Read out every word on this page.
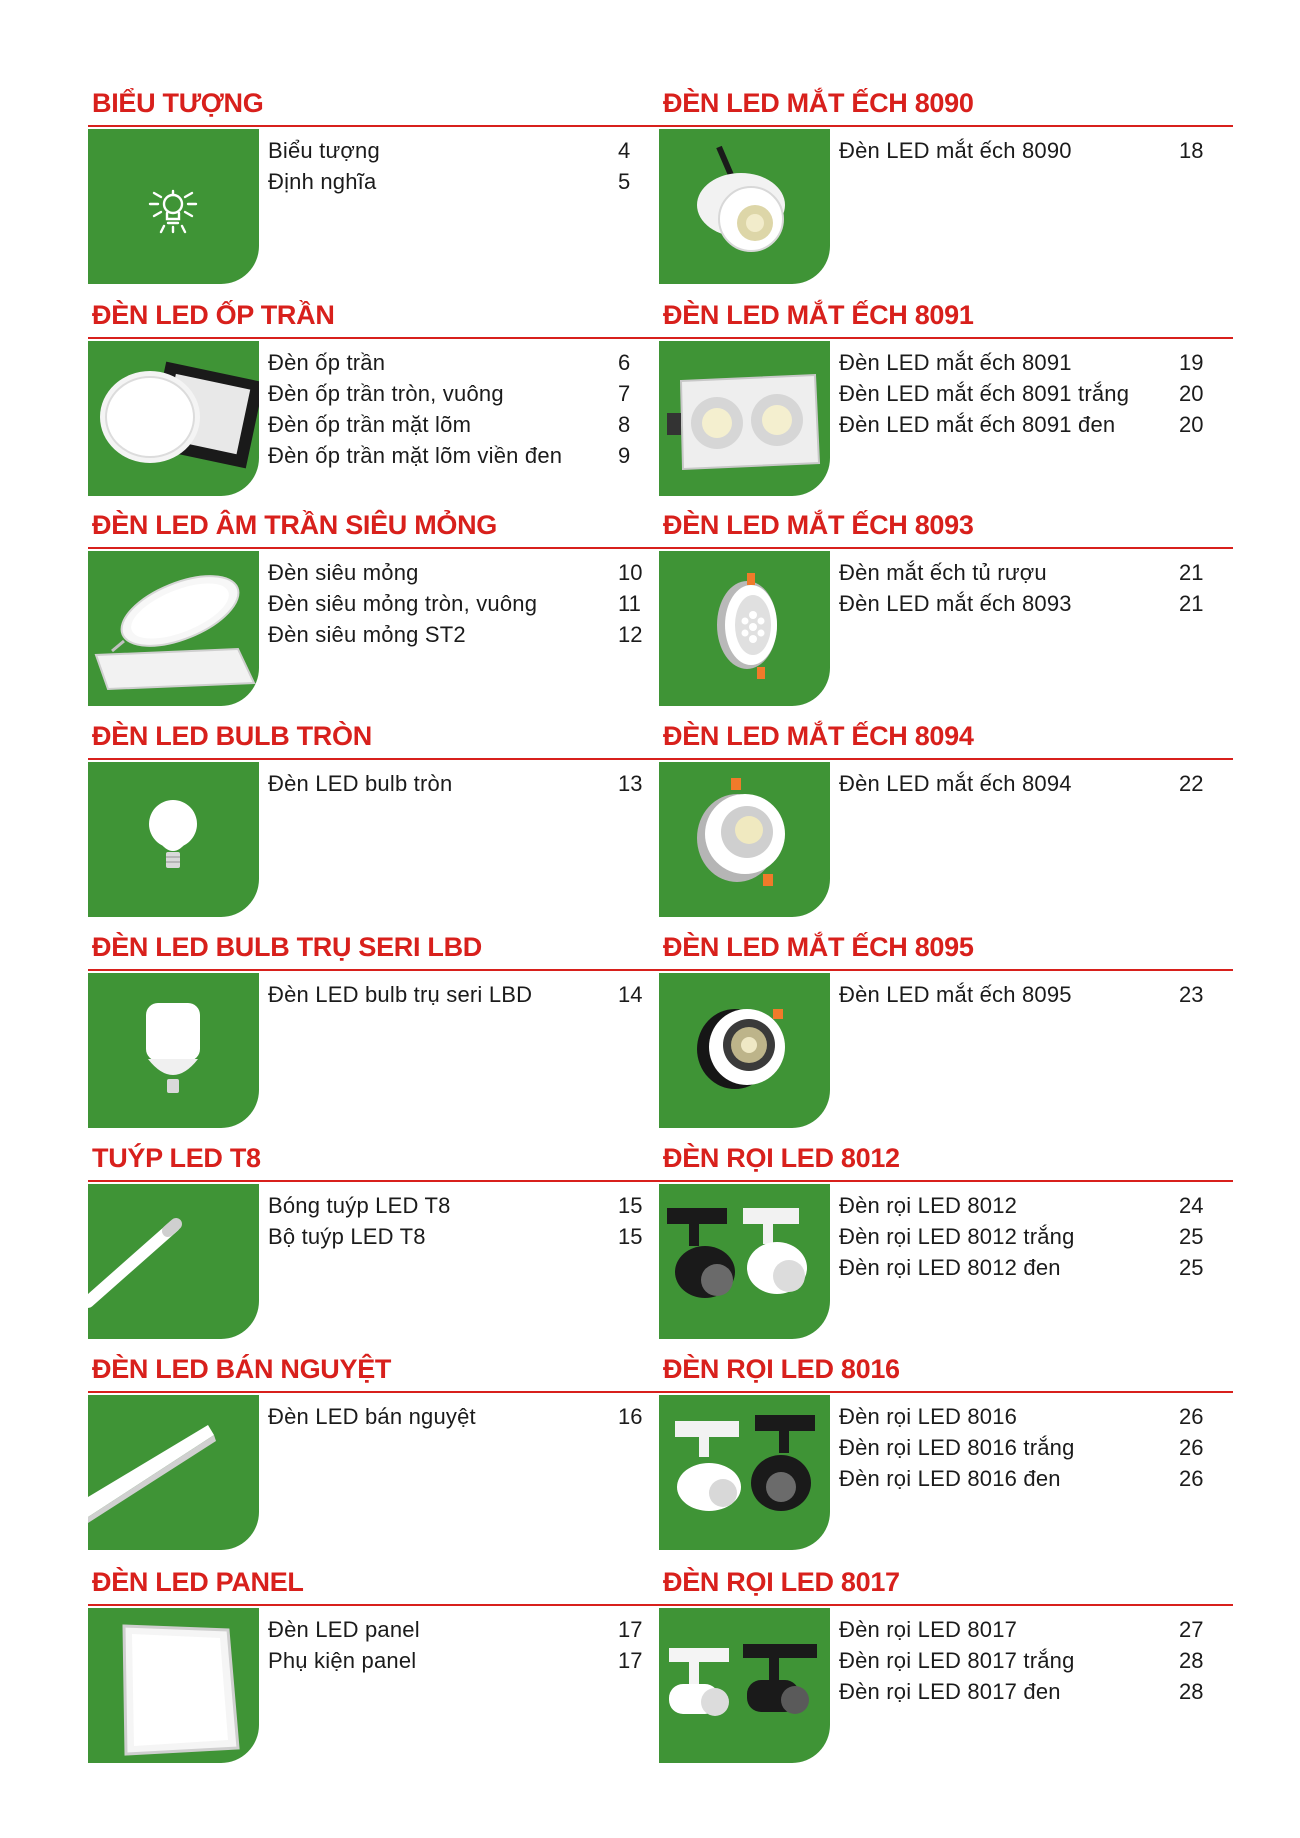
BIỂU TƯỢNG
Biểu tượng	4
Định nghĩa	5
ĐÈN LED ỐP TRẦN
Đèn ốp trần	6
Đèn ốp trần tròn, vuông	7
Đèn ốp trần mặt lõm	8
Đèn ốp trần mặt lõm viền đen	9
ĐÈN LED ÂM TRẦN SIÊU MỎNG
Đèn siêu mỏng	10
Đèn siêu mỏng tròn, vuông	11
Đèn siêu mỏng ST2	12
ĐÈN LED BULB TRÒN
Đèn LED bulb tròn	13
ĐÈN LED BULB TRỤ SERI LBD
Đèn LED bulb trụ seri LBD	14
TUÝP LED T8
Bóng tuýp LED T8	15
Bộ tuýp LED T8	15
ĐÈN LED BÁN NGUYỆT
Đèn LED bán nguyệt	16
ĐÈN LED PANEL
Đèn LED panel	17
Phụ kiện panel	17
ĐÈN LED MẮT ẾCH 8090
Đèn LED mắt ếch 8090	18
ĐÈN LED MẮT ẾCH 8091
Đèn LED mắt ếch 8091	19
Đèn LED mắt ếch 8091 trắng 20
Đèn LED mắt ếch 8091 đen	20
ĐÈN LED MẮT ẾCH 8093
Đèn mắt ếch tủ rượu	21
Đèn LED mắt ếch 8093	21
ĐÈN LED MẮT ẾCH 8094
Đèn LED mắt ếch 8094	22
ĐÈN LED MẮT ẾCH 8095
Đèn LED mắt ếch 8095	23
ĐÈN RỌI LED 8012
Đèn rọi LED 8012	24
Đèn rọi LED 8012 trắng	25
Đèn rọi LED 8012 đen	25
ĐÈN RỌI LED 8016
Đèn rọi LED 8016	26
Đèn rọi LED 8016 trắng	26
Đèn rọi LED 8016 đen	26
ĐÈN RỌI LED 8017
Đèn rọi LED 8017	27
Đèn rọi LED 8017 trắng	28
Đèn rọi LED 8017 đen	28
